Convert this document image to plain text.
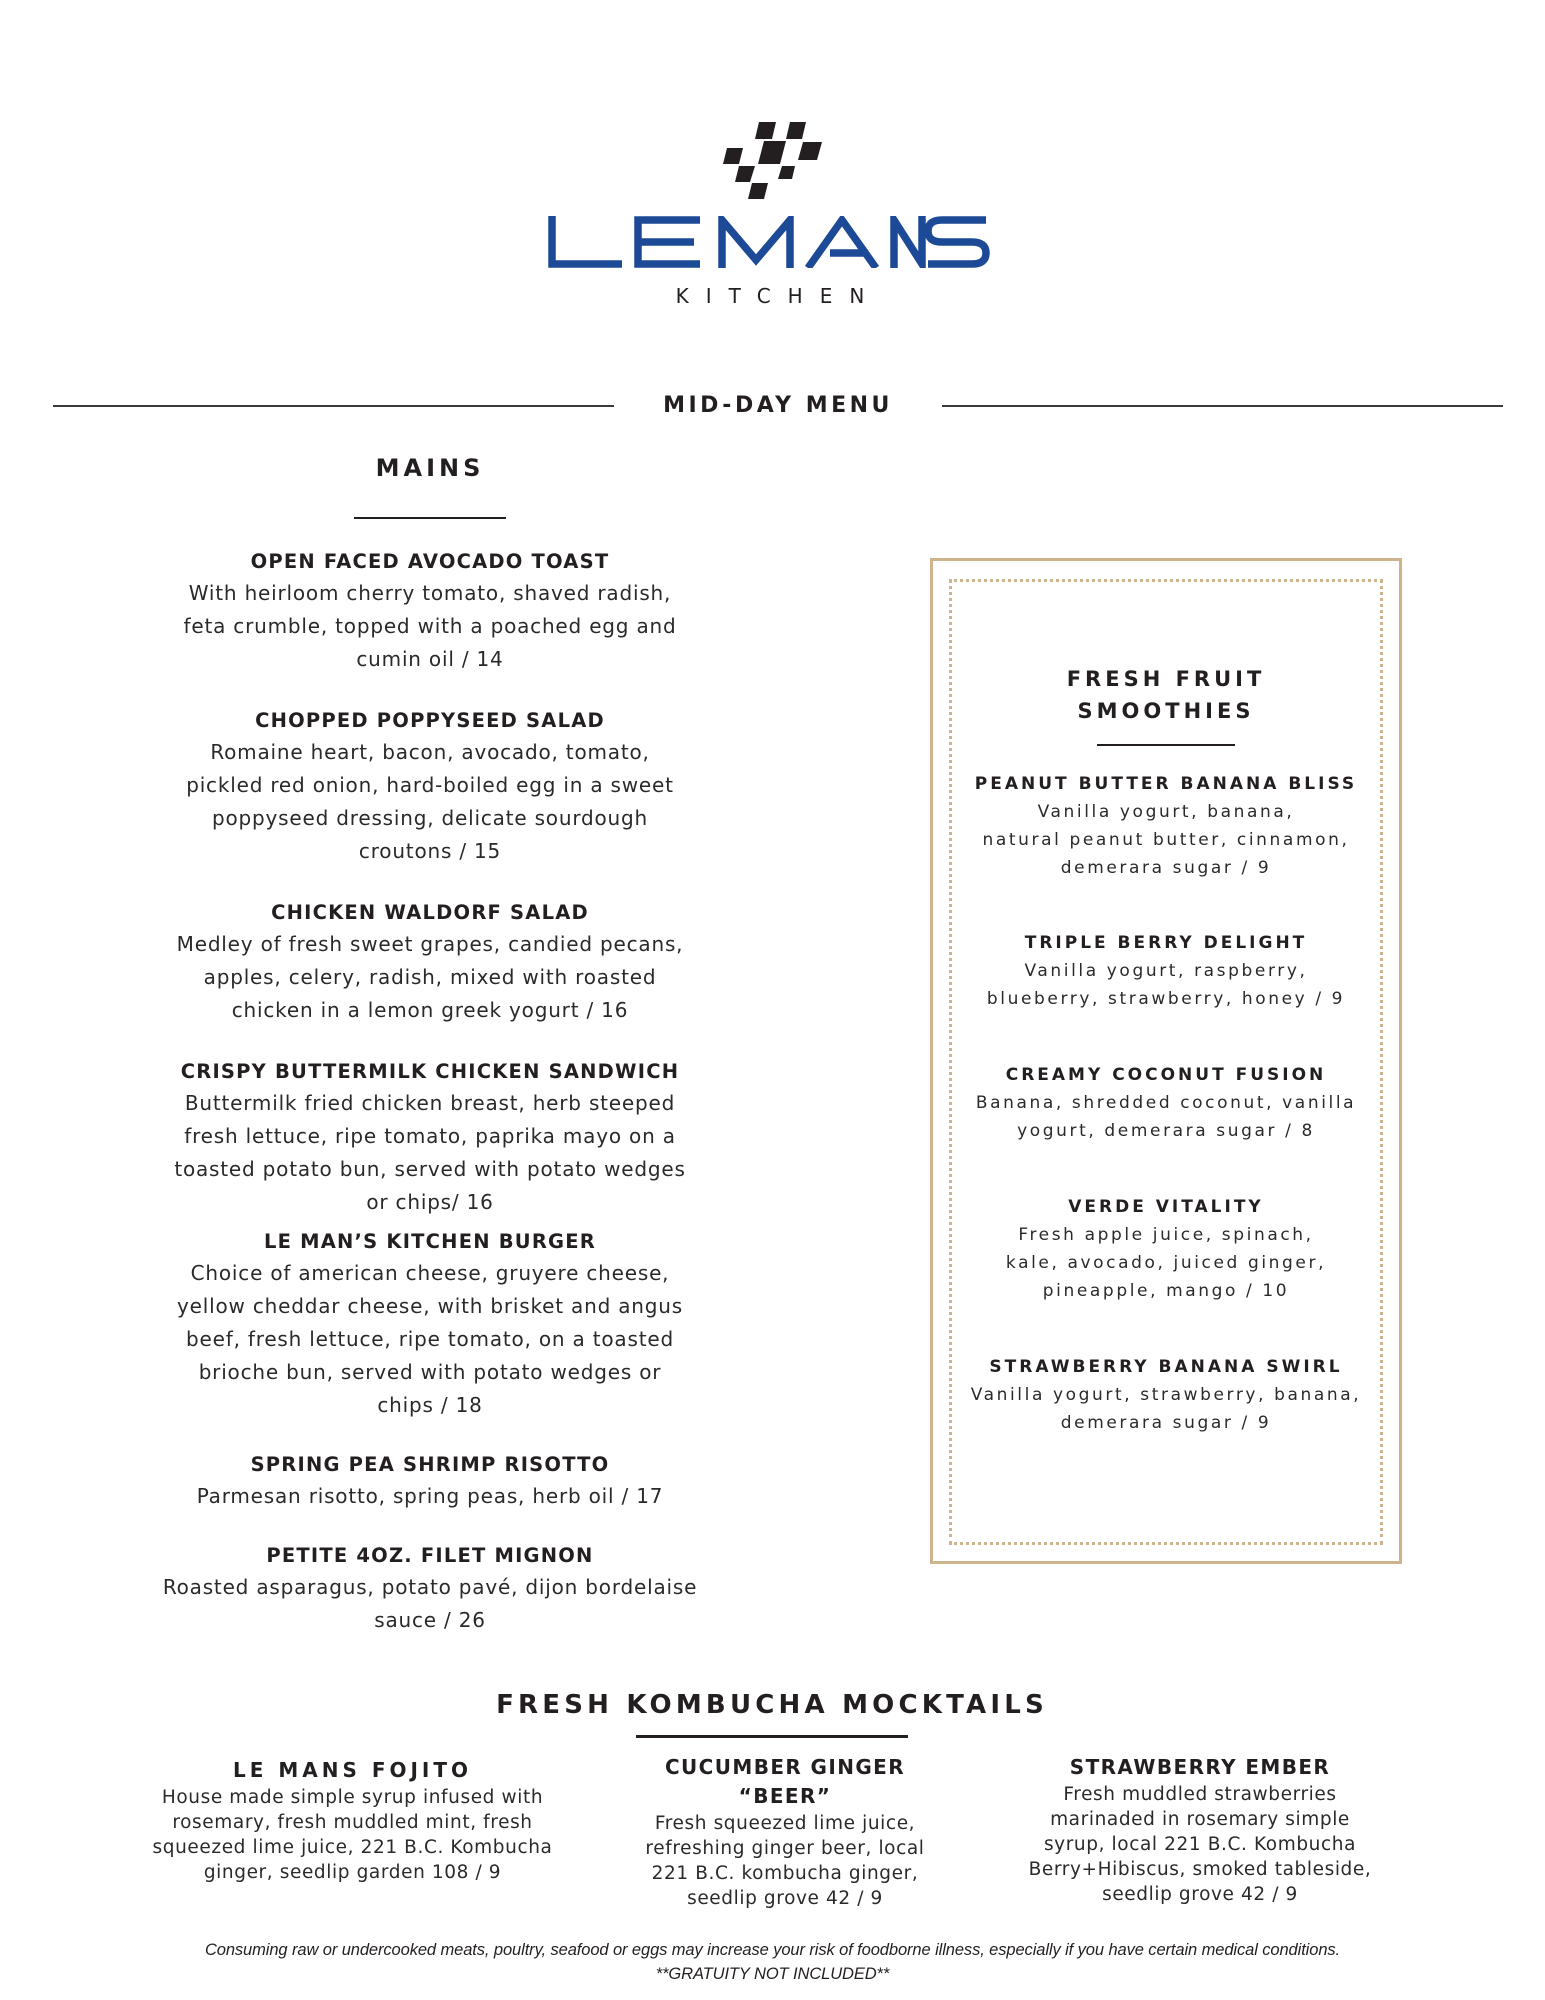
KITCHEN
MID-DAY MENU
MAINS
OPEN FACED AVOCADO TOAST
With heirloom cherry tomato, shaved radish,
feta crumble, topped with a poached egg and
cumin oil / 14
CHOPPED POPPYSEED SALAD
Romaine heart, bacon, avocado, tomato,
pickled red onion, hard-boiled egg in a sweet
poppyseed dressing, delicate sourdough
croutons / 15
CHICKEN WALDORF SALAD
Medley of fresh sweet grapes, candied pecans,
apples, celery, radish, mixed with roasted
chicken in a lemon greek yogurt / 16
CRISPY BUTTERMILK CHICKEN SANDWICH
Buttermilk fried chicken breast, herb steeped
fresh lettuce, ripe tomato, paprika mayo on a
toasted potato bun, served with potato wedges
or chips/ 16
LE MAN’S KITCHEN BURGER
Choice of american cheese, gruyere cheese,
yellow cheddar cheese, with brisket and angus
beef, fresh lettuce, ripe tomato, on a toasted
brioche bun, served with potato wedges or
chips / 18
SPRING PEA SHRIMP RISOTTO
Parmesan risotto, spring peas, herb oil / 17
PETITE 4OZ. FILET MIGNON
Roasted asparagus, potato pavé, dijon bordelaise
sauce / 26
FRESH FRUIT
SMOOTHIES
PEANUT BUTTER BANANA BLISS
Vanilla yogurt, banana,
natural peanut butter, cinnamon,
demerara sugar / 9
TRIPLE BERRY DELIGHT
Vanilla yogurt, raspberry,
blueberry, strawberry, honey / 9
CREAMY COCONUT FUSION
Banana, shredded coconut, vanilla
yogurt, demerara sugar / 8
VERDE VITALITY
Fresh apple juice, spinach,
kale, avocado, juiced ginger,
pineapple, mango / 10
STRAWBERRY BANANA SWIRL
Vanilla yogurt, strawberry, banana,
demerara sugar / 9
FRESH KOMBUCHA MOCKTAILS
LE MANS FOJITO
House made simple syrup infused with
rosemary, fresh muddled mint, fresh
squeezed lime juice, 221 B.C. Kombucha
ginger, seedlip garden 108 / 9
CUCUMBER GINGER
“BEER”
Fresh squeezed lime juice,
refreshing ginger beer, local
221 B.C. kombucha ginger,
seedlip grove 42 / 9
STRAWBERRY EMBER
Fresh muddled strawberries
marinaded in rosemary simple
syrup, local 221 B.C. Kombucha
Berry+Hibiscus, smoked tableside,
seedlip grove 42 / 9
Consuming raw or undercooked meats, poultry, seafood or eggs may increase your risk of foodborne illness, especially if you have certain medical conditions.
**GRATUITY NOT INCLUDED**
